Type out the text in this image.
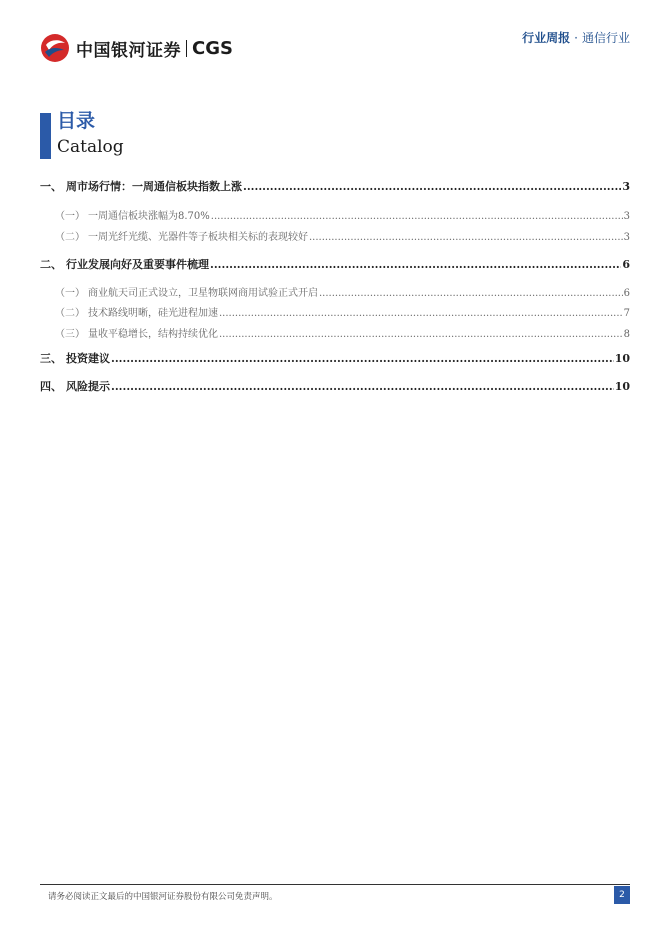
中国银河证券 CGS	行业周报 · 通信行业
目录
Catalog
一、 周市场行情：一周通信板块指数上涨 .....	3
（一） 一周通信板块涨幅为8.70% .....	3
（二） 一周光纤光缆、光器件等子板块相关标的表现较好 .....	3
二、 行业发展向好及重要事件梳理 .....	6
（一） 商业航天司正式设立，卫星物联网商用试验正式开启 .....	6
（二） 技术路线明晰，硅光进程加速 .....	7
（三） 量收平稳增长，结构持续优化 .....	8
三、 投资建议 .....	10
四、 风险提示 .....	10
请务必阅读正文最后的中国银河证券股份有限公司免责声明。	2
